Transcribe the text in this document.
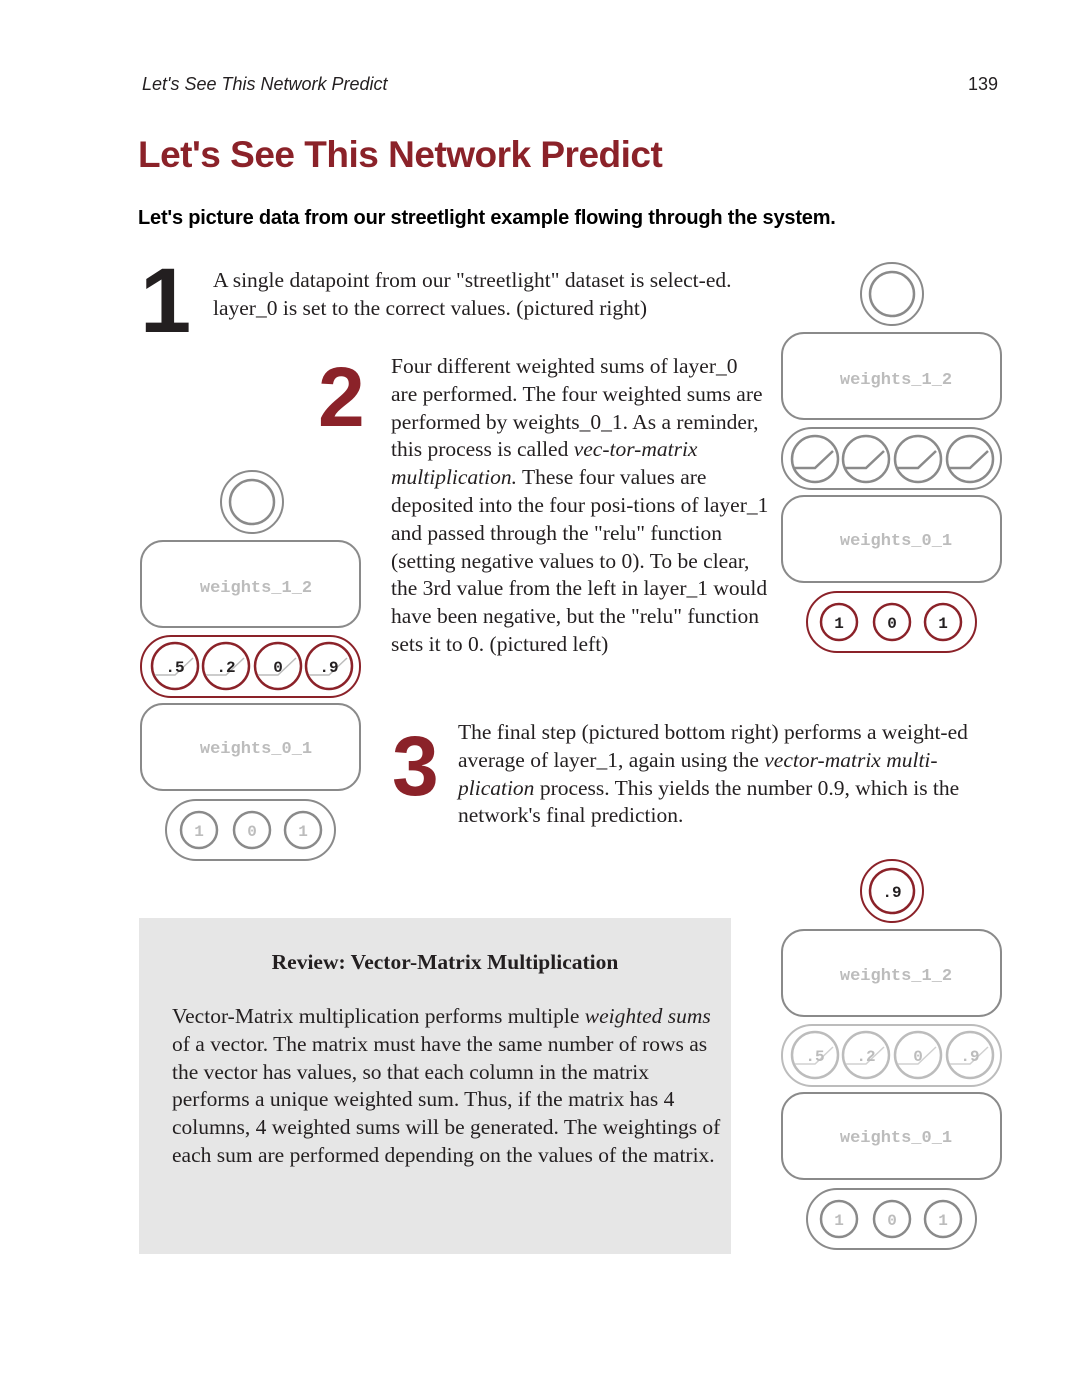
Let's See This Network Predict	139
Let's See This Network Predict
Let's picture data from our streetlight example flowing through the system.
1 A single datapoint from our "streetlight" dataset is select-ed. layer_0 is set to the correct values. (pictured right)
2 Four different weighted sums of layer_0 are performed. The four weighted sums are performed by weights_0_1. As a reminder, this process is called vec-tor-matrix multiplication. These four values are deposited into the four posi-tions of layer_1 and passed through the "relu" function (setting negative values to 0). To be clear, the 3rd value from the left in layer_1 would have been negative, but the "relu" function sets it to 0. (pictured left)
3 The final step (pictured bottom right) performs a weight-ed average of layer_1, again using the vector-matrix multi-plication process. This yields the number 0.9, which is the network's final prediction.
Review: Vector-Matrix Multiplication
Vector-Matrix multiplication performs multiple weighted sums of a vector. The matrix must have the same number of rows as the vector has values, so that each column in the matrix performs a unique weighted sum. Thus, if the matrix has 4 columns, 4 weighted sums will be generated. The weightings of each sum are performed depending on the values of the matrix.
weights_1_2
weights_0_1
1	0	1
weights_1_2
.5 .2 0 .9
weights_0_1
1	0	1
.9
weights_1_2
.5 .2 0 .9
weights_0_1
1	0	1
